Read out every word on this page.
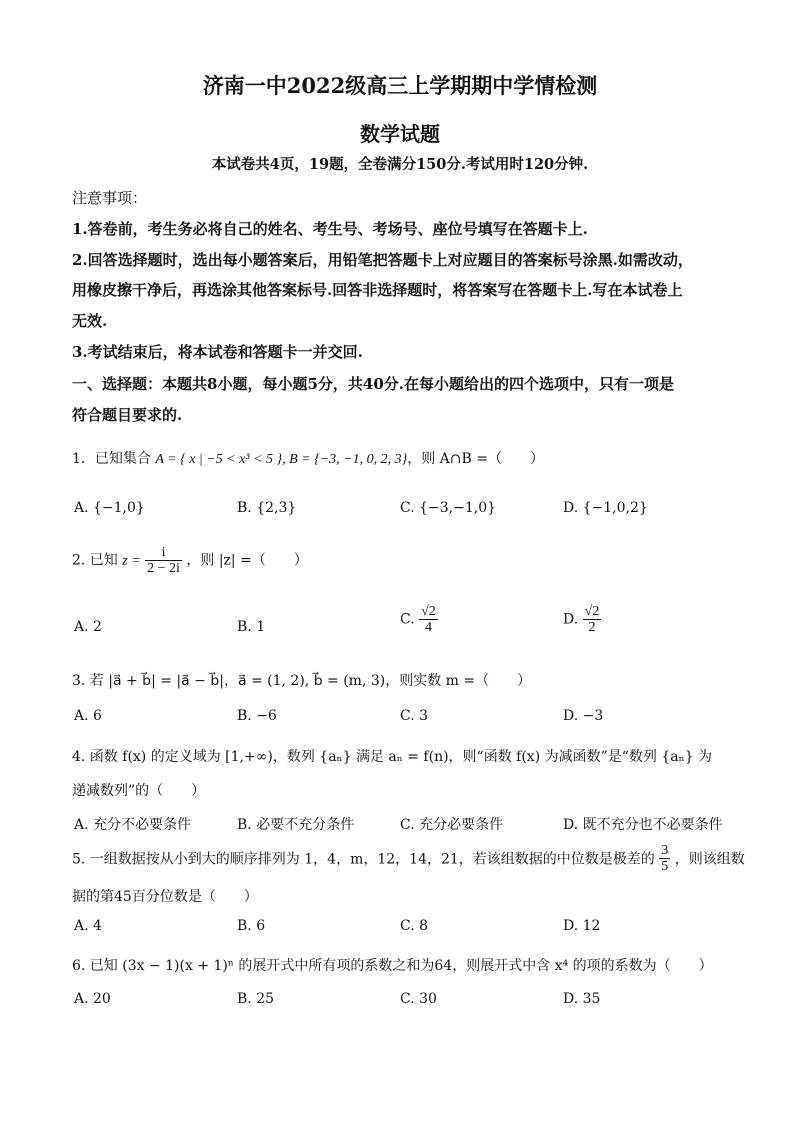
济南一中2022级高三上学期期中学情检测
数学试题
本试卷共4页，19题，全卷满分150分.考试用时120分钟.
注意事项：
1.答卷前，考生务必将自己的姓名、考生号、考场号、座位号填写在答题卡上.
2.回答选择题时，选出每小题答案后，用铅笔把答题卡上对应题目的答案标号涂黑.如需改动，
用橡皮擦干净后，再选涂其他答案标号.回答非选择题时，将答案写在答题卡上.写在本试卷上
无效.
3.考试结束后，将本试卷和答题卡一并交回.
一、选择题：本题共8小题，每小题5分，共40分.在每小题给出的四个选项中，只有一项是
符合题目要求的.
1．已知集合 A = { x | −5 < x³ < 5 }, B = {−3, −1, 0, 2, 3}，则 A∩B =（　　）
A. {−1,0}	B. {2,3}	C. {−3,−1,0}	D. {−1,0,2}
2. 已知 $z = \frac{i}{2 - 2i}$ ，则 |z| =（　　）
A. 2	B. 1	C. $\frac{√2}{4}$	D. $\frac{√2}{2}$
3. 若 |a⃗ + b⃗| = |a⃗ − b⃗|，a⃗ = (1, 2), b⃗ = (m, 3)，则实数 m =（　　）
A. 6	B. −6	C. 3	D. −3
4. 函数 f(x) 的定义域为 [1,+∞)，数列 {aₙ} 满足 aₙ = f(n)，则“函数 f(x) 为减函数”是“数列 {aₙ} 为
递减数列”的（　　）
A. 充分不必要条件	B. 必要不充分条件	C. 充分必要条件	D. 既不充分也不必要条件
5. 一组数据按从小到大的顺序排列为 1，4，m，12，14，21，若该组数据的中位数是极差的 $\frac{3}{5}$ ，则该组数
据的第45百分位数是（　　）
A. 4	B. 6	C. 8	D. 12
6. 已知 (3x − 1)(x + 1)ⁿ 的展开式中所有项的系数之和为64，则展开式中含 x⁴ 的项的系数为（　　）
A. 20	B. 25	C. 30	D. 35
